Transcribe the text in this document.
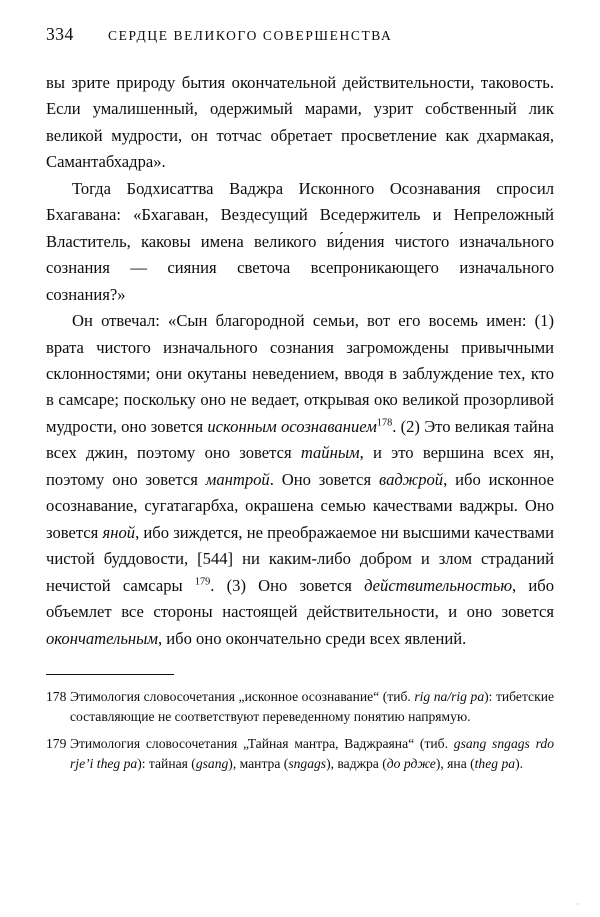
334	СЕРДЦЕ ВЕЛИКОГО СОВЕРШЕНСТВА

вы зрите природу бытия окончательной действительности, таковость. Если умалишенный, одержимый марами, узрит собственный лик великой мудрости, он тотчас обретает просветление как дхармакая, Самантабхадра».

Тогда Бодхисаттва Ваджра Исконного Осознавания спросил Бхагавана: «Бхагаван, Вездесущий Вседержитель и Непреложный Властитель, каковы имена великого ви́дения чистого изначального сознания — сияния светоча всепроникающего изначального сознания?»

Он отвечал: «Сын благородной семьи, вот его восемь имен: (1) врата чистого изначального сознания загромождены привычными склонностями; они окутаны неведением, вводя в заблуждение тех, кто в самсаре; поскольку оно не ведает, открывая око великой прозорливой мудрости, оно зовется исконным осознаванием$^{178}$. (2) Это великая тайна всех джин, поэтому оно зовется тайным, и это вершина всех ян, поэтому оно зовется мантрой. Оно зовется ваджрой, ибо исконное осознавание, сугатагарбха, окрашена семью качествами ваджры. Оно зовется яной, ибо зиждется, не преображаемое ни высшими качествами чистой буддовости, [544] ни каким-либо добром и злом страданий нечистой самсары $^{179}$. (3) Оно зовется действительностью, ибо объемлет все стороны настоящей действительности, и оно зовется окончательным, ибо оно окончательно среди всех явлений.

178 Этимология словосочетания „исконное осознавание“ (тиб. rig na/rig pa): тибетские составляющие не соответствуют переведенному понятию напрямую.
179 Этимология словосочетания „Тайная мантра, Ваджраяна“ (тиб. gsang sngags rdo rje’i theg pa): тайная (gsang), мантра (sngags), ваджра (до рдже), яна (theg pa).
·
